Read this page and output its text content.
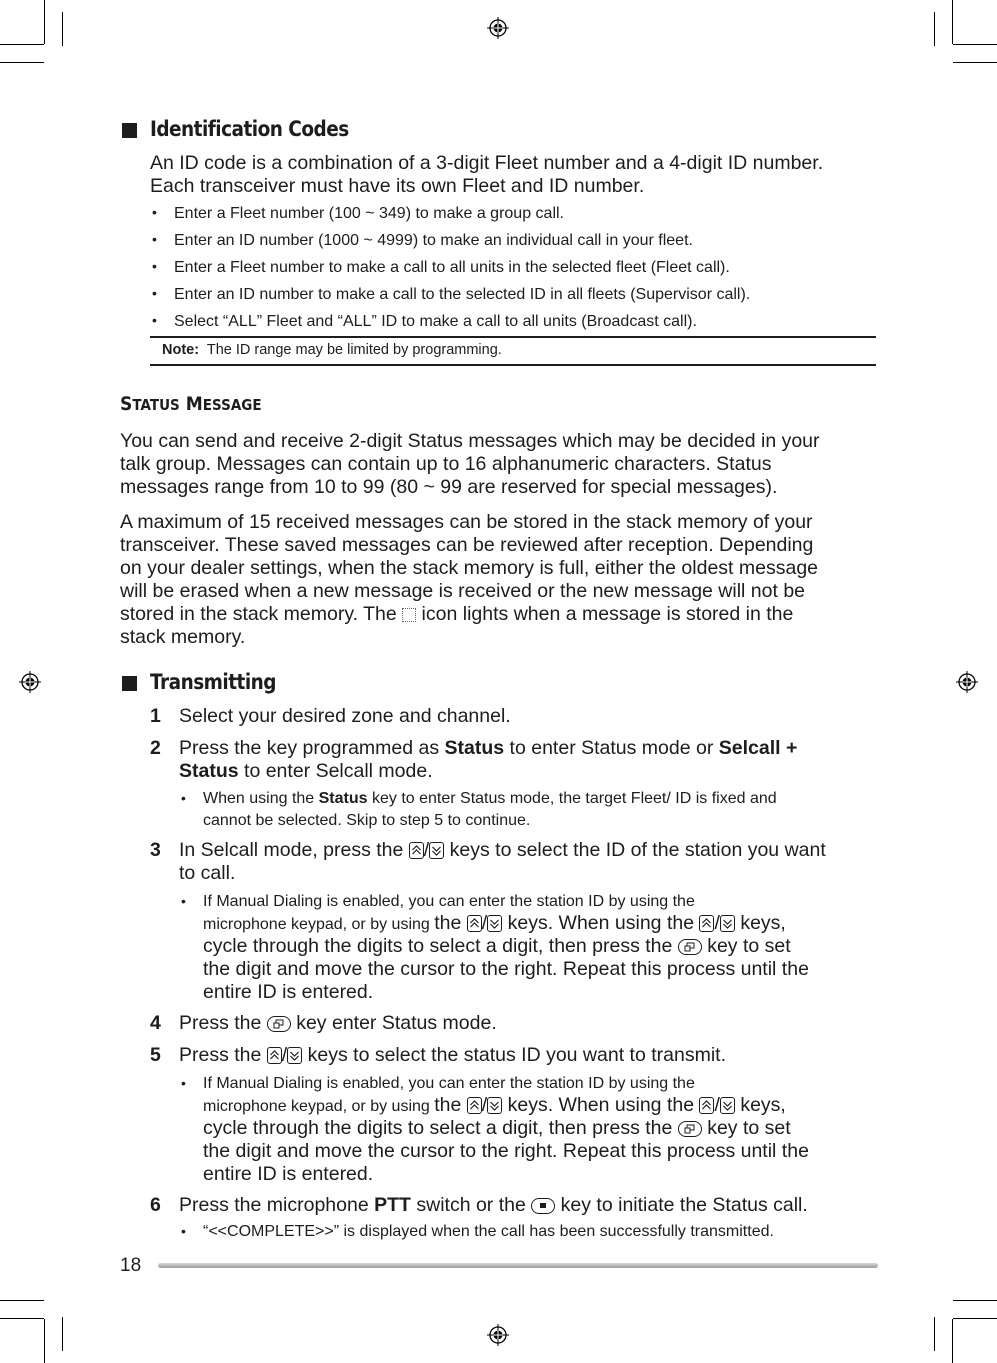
Identification Codes
An ID code is a combination of a 3-digit Fleet number and a 4-digit ID number.
Each transceiver must have its own Fleet and ID number.
• Enter a Fleet number (100 ~ 349) to make a group call.
• Enter an ID number (1000 ~ 4999) to make an individual call in your fleet.
• Enter a Fleet number to make a call to all units in the selected fleet (Fleet call).
• Enter an ID number to make a call to the selected ID in all fleets (Supervisor call).
• Select “ALL” Fleet and “ALL” ID to make a call to all units (Broadcast call).
Note: The ID range may be limited by programming.
STATUS MESSAGE
You can send and receive 2-digit Status messages which may be decided in your
talk group. Messages can contain up to 16 alphanumeric characters. Status
messages range from 10 to 99 (80 ~ 99 are reserved for special messages).
A maximum of 15 received messages can be stored in the stack memory of your
transceiver. These saved messages can be reviewed after reception. Depending
on your dealer settings, when the stack memory is full, either the oldest message
will be erased when a new message is received or the new message will not be
stored in the stack memory. The  icon lights when a message is stored in the
stack memory.
Transmitting
1 Select your desired zone and channel.
2 Press the key programmed as Status to enter Status mode or Selcall +
Status to enter Selcall mode.
• When using the Status key to enter Status mode, the target Fleet/ ID is fixed and
cannot be selected. Skip to step 5 to continue.
3 In Selcall mode, press the
/
keys to select the ID of the station you want
to call.
• If Manual Dialing is enabled, you can enter the station ID by using the
microphone keypad, or by using the
/
keys. When using the
/
keys,
cycle through the digits to select a digit, then press the
key to set
the digit and move the cursor to the right. Repeat this process until the
entire ID is entered.
4 Press the
key enter Status mode.
5 Press the
/
keys to select the status ID you want to transmit.
• If Manual Dialing is enabled, you can enter the station ID by using the
microphone keypad, or by using the
/
keys. When using the
/
keys,
cycle through the digits to select a digit, then press the
key to set
the digit and move the cursor to the right. Repeat this process until the
entire ID is entered.
6 Press the microphone PTT switch or the
key to initiate the Status call.
• “<<COMPLETE>>” is displayed when the call has been successfully transmitted.
18
